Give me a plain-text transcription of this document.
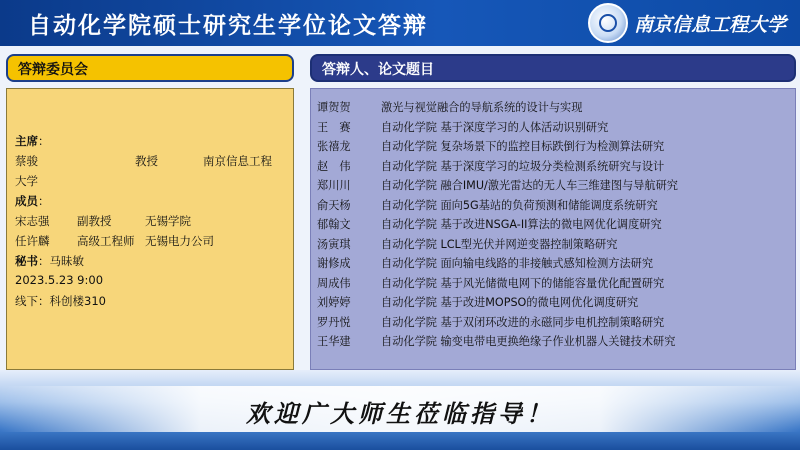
自动化学院硕士研究生学位论文答辩	南京信息工程大学
答辩委员会
主席：
蔡骏	教授	南京信息工程
大学
成员：
宋志强 副教授	无锡学院
任许麟 高级工程师 无锡电力公司
秘书：马昧敏
2023.5.23 9:00
线下：科创楼310
答辩人、论文题目
谭贺贺	激光与视觉融合的导航系统的设计与实现
王　赛	自动化学院 基于深度学习的人体活动识别研究
张禧龙	自动化学院 复杂场景下的监控目标跌倒行为检测算法研究
赵　伟	自动化学院 基于深度学习的垃圾分类检测系统研究与设计
郑川川	自动化学院 融合IMU/激光雷达的无人车三维建图与导航研究
俞天杨	自动化学院 面向5G基站的负荷预测和储能调度系统研究
郁翰文	自动化学院 基于改进NSGA-II算法的微电网优化调度研究
汤寅琪	自动化学院 LCL型光伏并网逆变器控制策略研究
谢修成	自动化学院 面向输电线路的非接触式感知检测方法研究
周成伟	自动化学院 基于风光储微电网下的储能容量优化配置研究
刘婷婷	自动化学院 基于改进MOPSO的微电网优化调度研究
罗丹悦	自动化学院 基于双闭环改进的永磁同步电机控制策略研究
王华建	自动化学院 输变电带电更换绝缘子作业机器人关键技术研究
欢迎广大师生莅临指导！
